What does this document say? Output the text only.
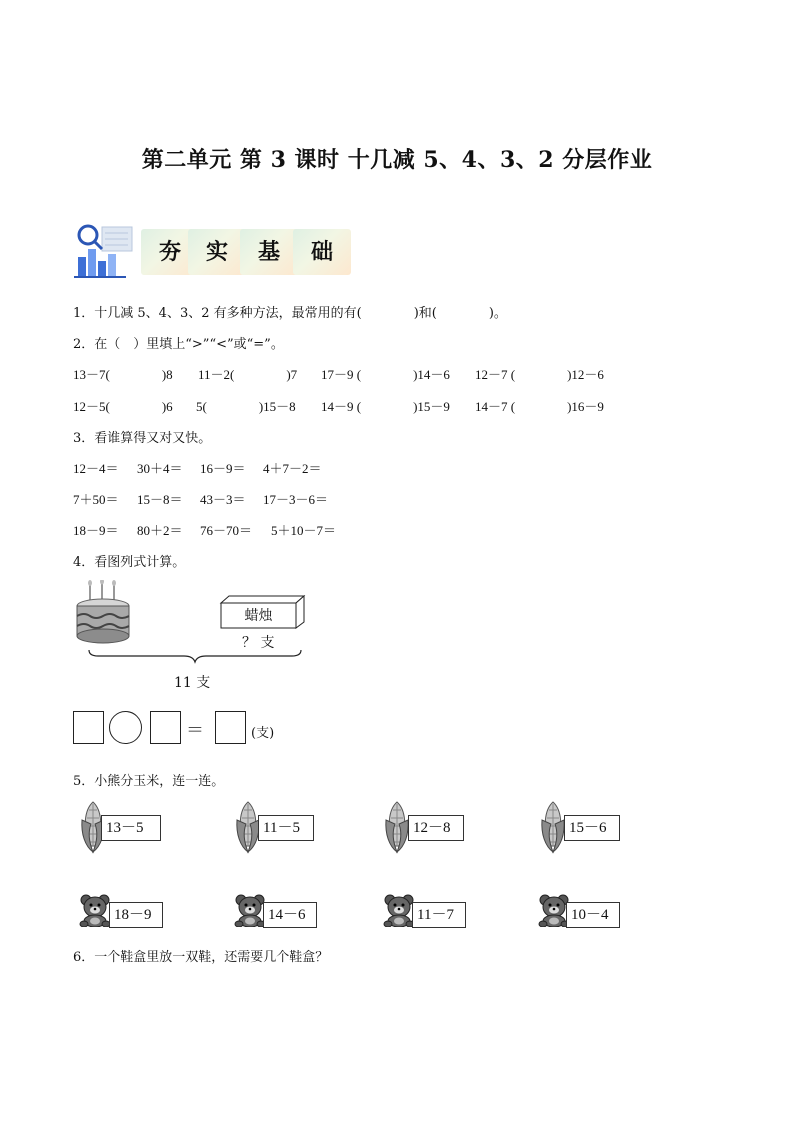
第二单元 第 3 课时 十几减 5、4、3、2 分层作业
夯	实	基	础
1．十几减 5、4、3、2 有多种方法，最常用的有(　　　　)和(　　　　)。
2．在（　）里填上“>”“<”或“=”。
13－7(　　　　)8 11－2(　　　　)7 17－9 (　　　　)14－6 12－7 (　　　　)12－6
12－5(　　　　)6 5(　　　　)15－8 14－9 (　　　　)15－9 14－7 (　　　　)16－9
3．看谁算得又对又快。
12－4＝ 30＋4＝ 16－9＝ 4＋7－2＝
7＋50＝ 15－8＝ 43－3＝ 17－3－6＝
18－9＝ 80＋2＝ 76－70＝ 5＋10－7＝
4．看图列式计算。
蜡烛
？ 支
11 支
＝	(支)
5．小熊分玉米，连一连。
13－5	11－5	12－8	15－6
18－9	14－6	11－7	10－4
6．一个鞋盒里放一双鞋，还需要几个鞋盒？
